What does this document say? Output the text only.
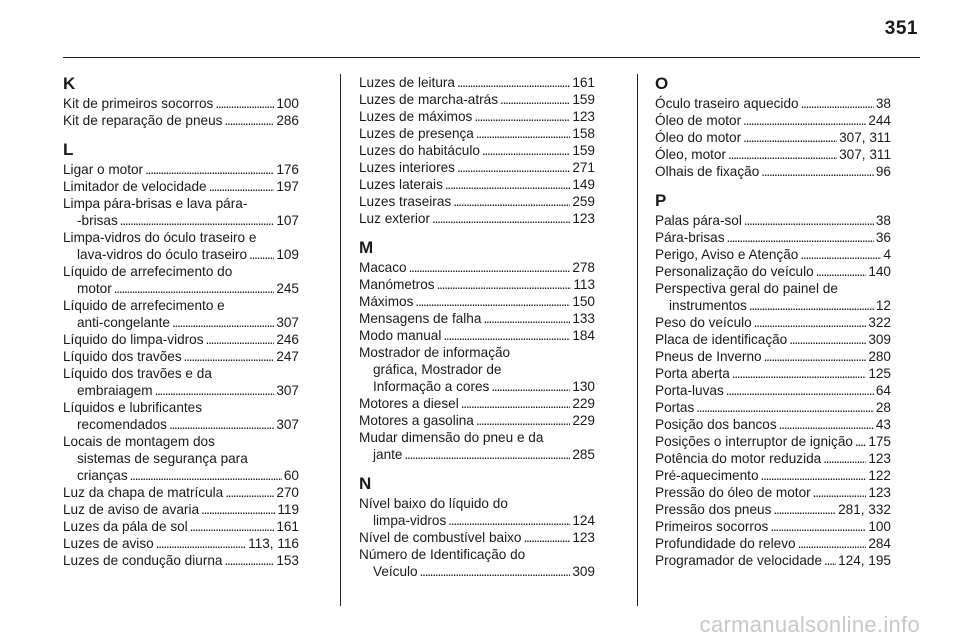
351
K
Kit de primeiros socorros . . .	100
Kit de reparação de pneus . . .	286
L
Ligar o motor . . .	176
Limitador de velocidade . . .	197
Limpa pára-brisas e lava pára-
-brisas . . .	107
Limpa-vidros do óculo traseiro e
lava-vidros do óculo traseiro . . . 109
Líquido de arrefecimento do
motor . . .	245
Líquido de arrefecimento e
anti-congelante . . .	307
Líquido do limpa-vidros . . .	246
Líquido dos travões . . .	247
Líquido dos travões e da
embraiagem . . .	307
Líquidos e lubrificantes
recomendados . . .	307
Locais de montagem dos
sistemas de segurança para
crianças . . .	60
Luz da chapa de matrícula . . .	270
Luz de aviso de avaria . . .	119
Luzes da pála de sol . . .	161
Luzes de aviso . . .	113, 116
Luzes de condução diurna . . .	153
Luzes de leitura . . .	161
Luzes de marcha-atrás . . .	159
Luzes de máximos . . .	123
Luzes de presença . . .	158
Luzes do habitáculo . . .	159
Luzes interiores . . .	271
Luzes laterais . . .	149
Luzes traseiras . . .	259
Luz exterior . . .	123
M
Macaco . . .	278
Manómetros . . .	113
Máximos . . .	150
Mensagens de falha . . .	133
Modo manual . . .	184
Mostrador de informação
gráfica, Mostrador de
Informação a cores . . .	130
Motores a diesel . . .	229
Motores a gasolina . . .	229
Mudar dimensão do pneu e da
jante . . .	285
N
Nível baixo do líquido do
limpa-vidros . . .	124
Nível de combustível baixo . . .	123
Número de Identificação do
Veículo . . .	309
O
Óculo traseiro aquecido . . .	38
Óleo de motor . . .	244
Óleo do motor . . .	307, 311
Óleo, motor . . .	307, 311
Olhais de fixação . . .	96
P
Palas pára-sol . . .	38
Pára-brisas . . .	36
Perigo, Aviso e Atenção . . .	4
Personalização do veículo . . .	140
Perspectiva geral do painel de
instrumentos . . .	12
Peso do veículo . . .	322
Placa de identificação . . .	309
Pneus de Inverno . . .	280
Porta aberta . . .	125
Porta-luvas . . .	64
Portas . . .	28
Posição dos bancos . . .	43
Posições o interruptor de ignição . . . 175
Potência do motor reduzida . . .	123
Pré-aquecimento . . .	122
Pressão do óleo de motor . . .	123
Pressão dos pneus . . .	281, 332
Primeiros socorros . . .	100
Profundidade do relevo . . .	284
Programador de velocidade . . . 124, 195
carmanualsonline.info
